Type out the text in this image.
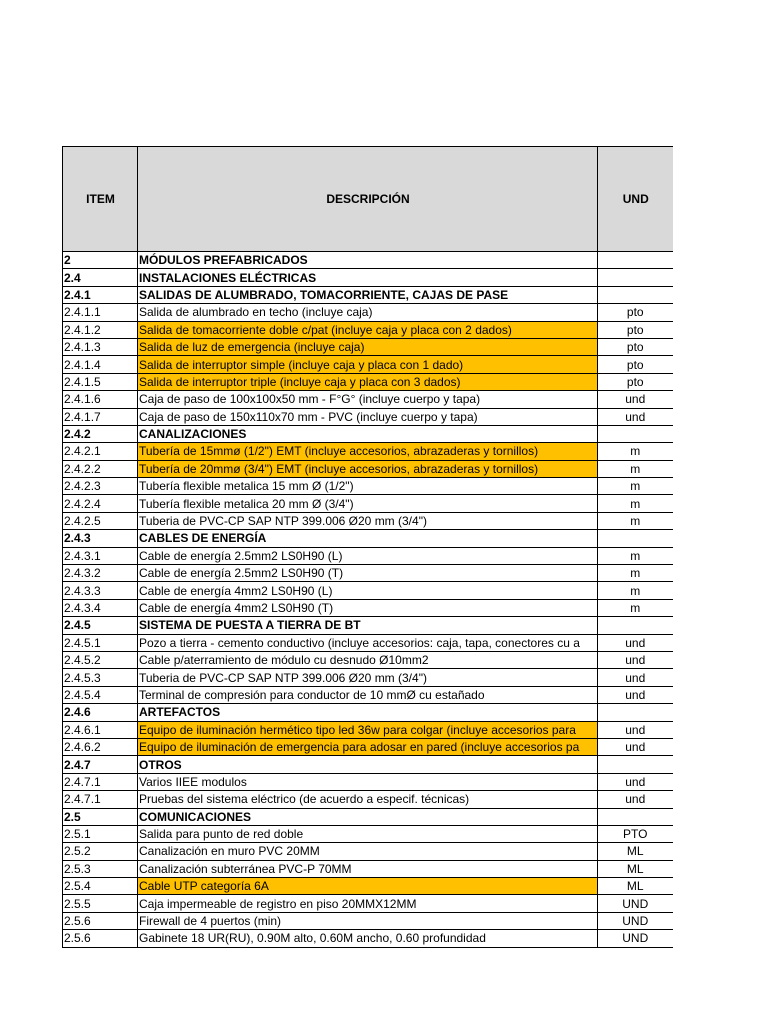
ITEM	DESCRIPCIÓN	UND
2	MÓDULOS PREFABRICADOS	
2.4	INSTALACIONES ELÉCTRICAS	
2.4.1	SALIDAS DE ALUMBRADO, TOMACORRIENTE, CAJAS DE PASE	
2.4.1.1	Salida de alumbrado en techo (incluye caja)	pto
2.4.1.2	Salida de tomacorriente doble c/pat (incluye caja y placa con 2 dados)	pto
2.4.1.3	Salida de luz de emergencia (incluye caja)	pto
2.4.1.4	Salida de interruptor simple (incluye caja y placa con 1 dado)	pto
2.4.1.5	Salida de interruptor triple (incluye caja y placa con 3 dados)	pto
2.4.1.6	Caja de paso de 100x100x50 mm - F°G° (incluye cuerpo y tapa)	und
2.4.1.7	Caja de paso de 150x110x70 mm - PVC (incluye cuerpo y tapa)	und
2.4.2	CANALIZACIONES	
2.4.2.1	Tubería de 15mmø (1/2") EMT (incluye accesorios, abrazaderas y tornillos)	m
2.4.2.2	Tubería de 20mmø (3/4") EMT (incluye accesorios, abrazaderas y tornillos)	m
2.4.2.3	Tubería flexible metalica 15 mm Ø (1/2")	m
2.4.2.4	Tubería flexible metalica 20 mm Ø (3/4")	m
2.4.2.5	Tuberia de PVC-CP SAP NTP 399.006 Ø20 mm (3/4")	m
2.4.3	CABLES DE ENERGÍA	
2.4.3.1	Cable de energía 2.5mm2 LS0H90 (L)	m
2.4.3.2	Cable de energía 2.5mm2 LS0H90 (T)	m
2.4.3.3	Cable de energía 4mm2 LS0H90 (L)	m
2.4.3.4	Cable de energía 4mm2 LS0H90 (T)	m
2.4.5	SISTEMA DE PUESTA A TIERRA DE BT	
2.4.5.1	Pozo a tierra - cemento conductivo (incluye accesorios: caja, tapa, conectores cu a	und
2.4.5.2	Cable p/aterramiento de módulo cu desnudo Ø10mm2	und
2.4.5.3	Tuberia de PVC-CP SAP NTP 399.006 Ø20 mm (3/4")	und
2.4.5.4	Terminal de compresión para conductor de 10 mmØ cu estañado	und
2.4.6	ARTEFACTOS	
2.4.6.1	Equipo de iluminación hermético tipo led 36w para colgar (incluye accesorios para	und
2.4.6.2	Equipo de iluminación de emergencia para adosar en pared (incluye accesorios pa	und
2.4.7	OTROS	
2.4.7.1	Varios IIEE modulos	und
2.4.7.1	Pruebas del sistema eléctrico (de acuerdo a especif. técnicas)	und
2.5	COMUNICACIONES	
2.5.1	Salida para punto de red doble	PTO
2.5.2	Canalización en muro PVC 20MM	ML
2.5.3	Canalización subterránea PVC-P 70MM	ML
2.5.4	Cable UTP categoría 6A	ML
2.5.5	Caja impermeable de registro en piso 20MMX12MM	UND
2.5.6	Firewall de 4 puertos (min)	UND
2.5.6	Gabinete 18 UR(RU), 0.90M alto, 0.60M ancho, 0.60 profundidad	UND
